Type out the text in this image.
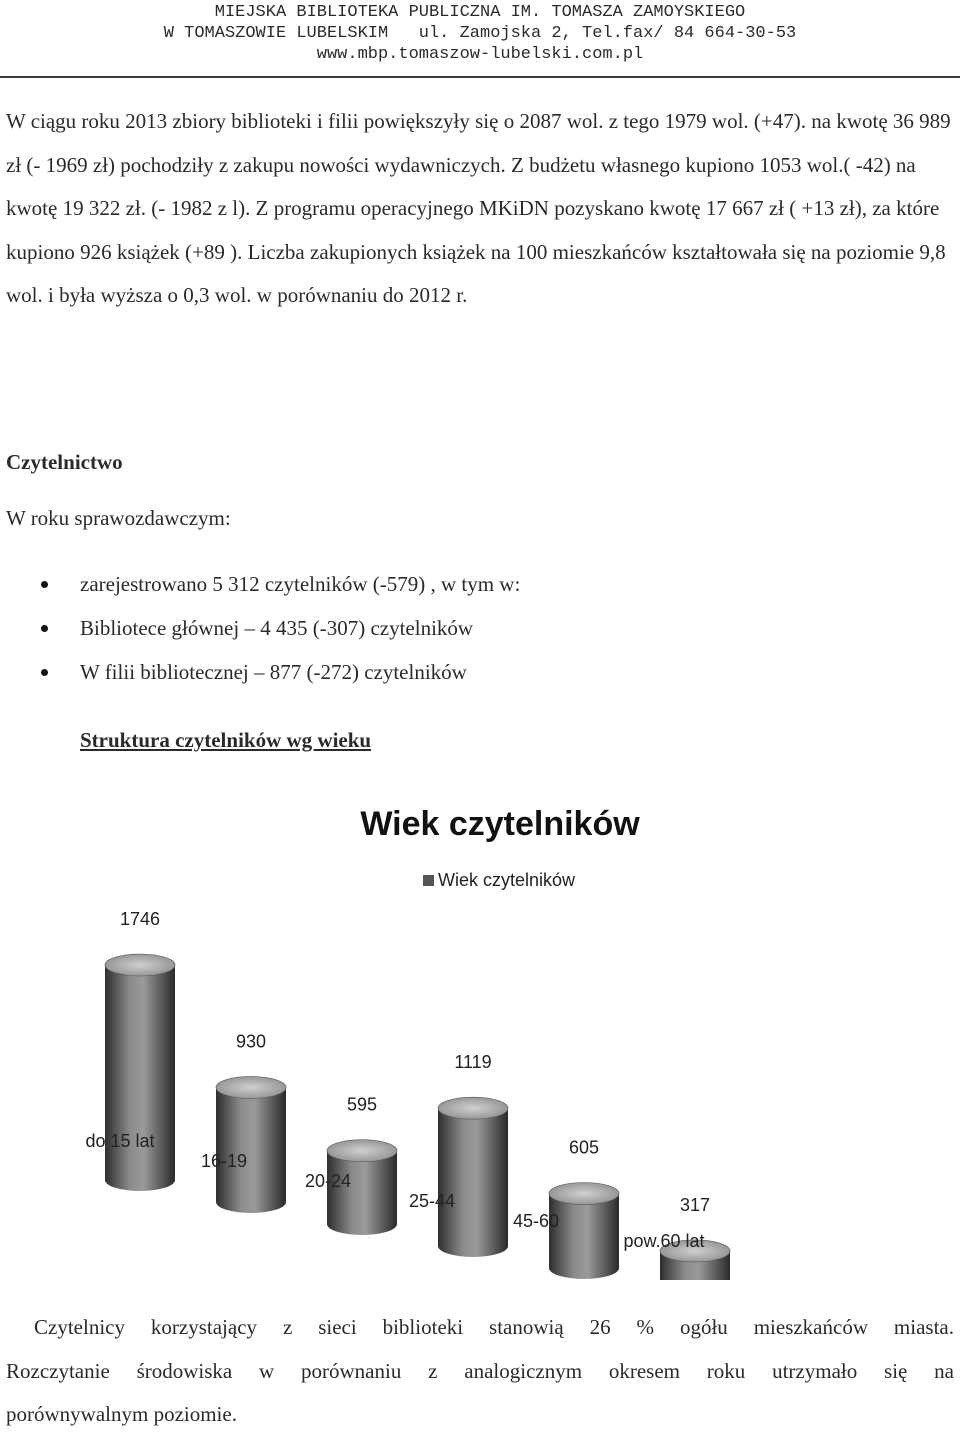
MIEJSKA BIBLIOTEKA PUBLICZNA IM. TOMASZA ZAMOYSKIEGO
W TOMASZOWIE LUBELSKIM   ul. Zamojska 2, Tel.fax/ 84 664-30-53
www.mbp.tomaszow-lubelski.com.pl
W ciągu roku 2013 zbiory biblioteki i filii powiększyły się o 2087 wol. z tego 1979 wol. (+47). na kwotę 36 989 zł (- 1969 zł) pochodziły z zakupu nowości wydawniczych. Z budżetu własnego kupiono 1053 wol.( -42) na kwotę 19 322 zł. (- 1982 z l). Z programu operacyjnego MKiDN pozyskano kwotę 17 667 zł ( +13 zł), za które kupiono 926 książek (+89 ). Liczba zakupionych książek na 100 mieszkańców kształtowała się na poziomie 9,8 wol. i była wyższa o 0,3 wol. w porównaniu do 2012 r.
Czytelnictwo
W roku sprawozdawczym:
zarejestrowano 5 312 czytelników (-579) , w tym w:
Bibliotece głównej – 4 435 (-307) czytelników
W filii bibliotecznej – 877 (-272) czytelników
Struktura czytelników wg wieku
Wiek czytelników
Wiek czytelników
1746
do 15 lat
930
16-19
595
20-24
1119
25-44
605
45-60
317
pow.60 lat
Czytelnicy korzystający z sieci biblioteki stanowią 26 % ogółu mieszkańców miasta.
Rozczytanie środowiska w porównaniu z analogicznym okresem roku utrzymało się na
porównywalnym poziomie.
